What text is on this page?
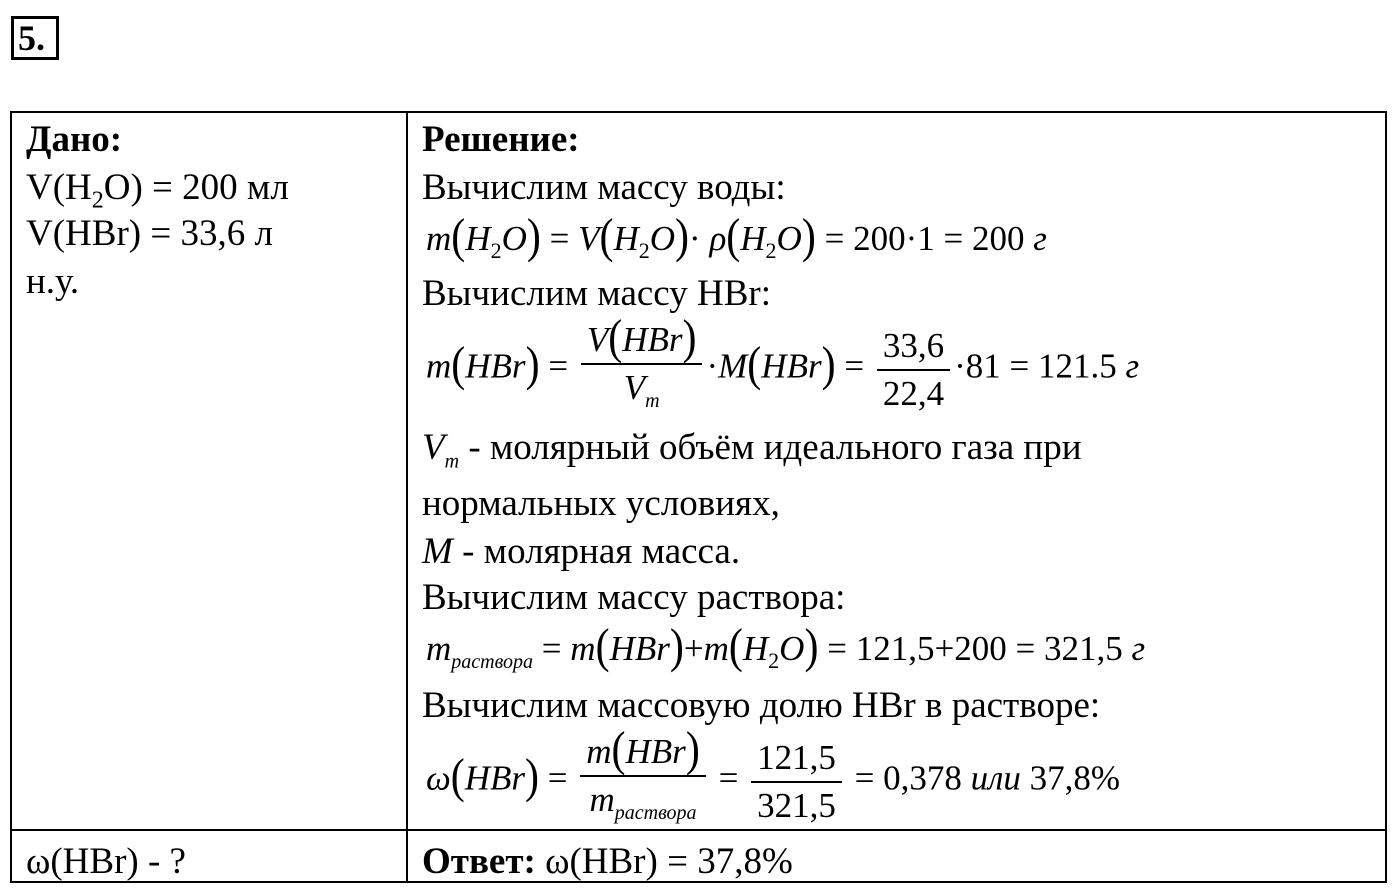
5.
Дано:
$V(H_2O) = 200$ мл
V(HBr) = 33,6 л
н.у.
ω(HBr) - ?
Решение:
Вычислим массу воды:
$m(H_2O) = V(H_2O)\cdot \rho(H_2O) = 200\cdot 1 = 200$ г
Вычислим массу HBr:
$m(HBr) = \frac{\text{V(HBr)}}{V_m} \cdot M(HBr) = \frac{33,6}{22,4} \cdot 81 = 121.5$ г
$V_m$ - молярный объём идеального газа при
нормальных условиях,
M - молярная масса.
Вычислим массу раствора:
$m_{раствора} = m(HBr)+m(H_2O) = 121,5+200 = 321,5$ г
Вычислим массовую долю HBr в растворе:
$\omega(HBr) = \frac{\text{m(HBr)}}{m_{раствора}} = \frac{121,5}{321,5} = 0,378$ или 37,8%
Ответ: ω(HBr) = 37,8%
